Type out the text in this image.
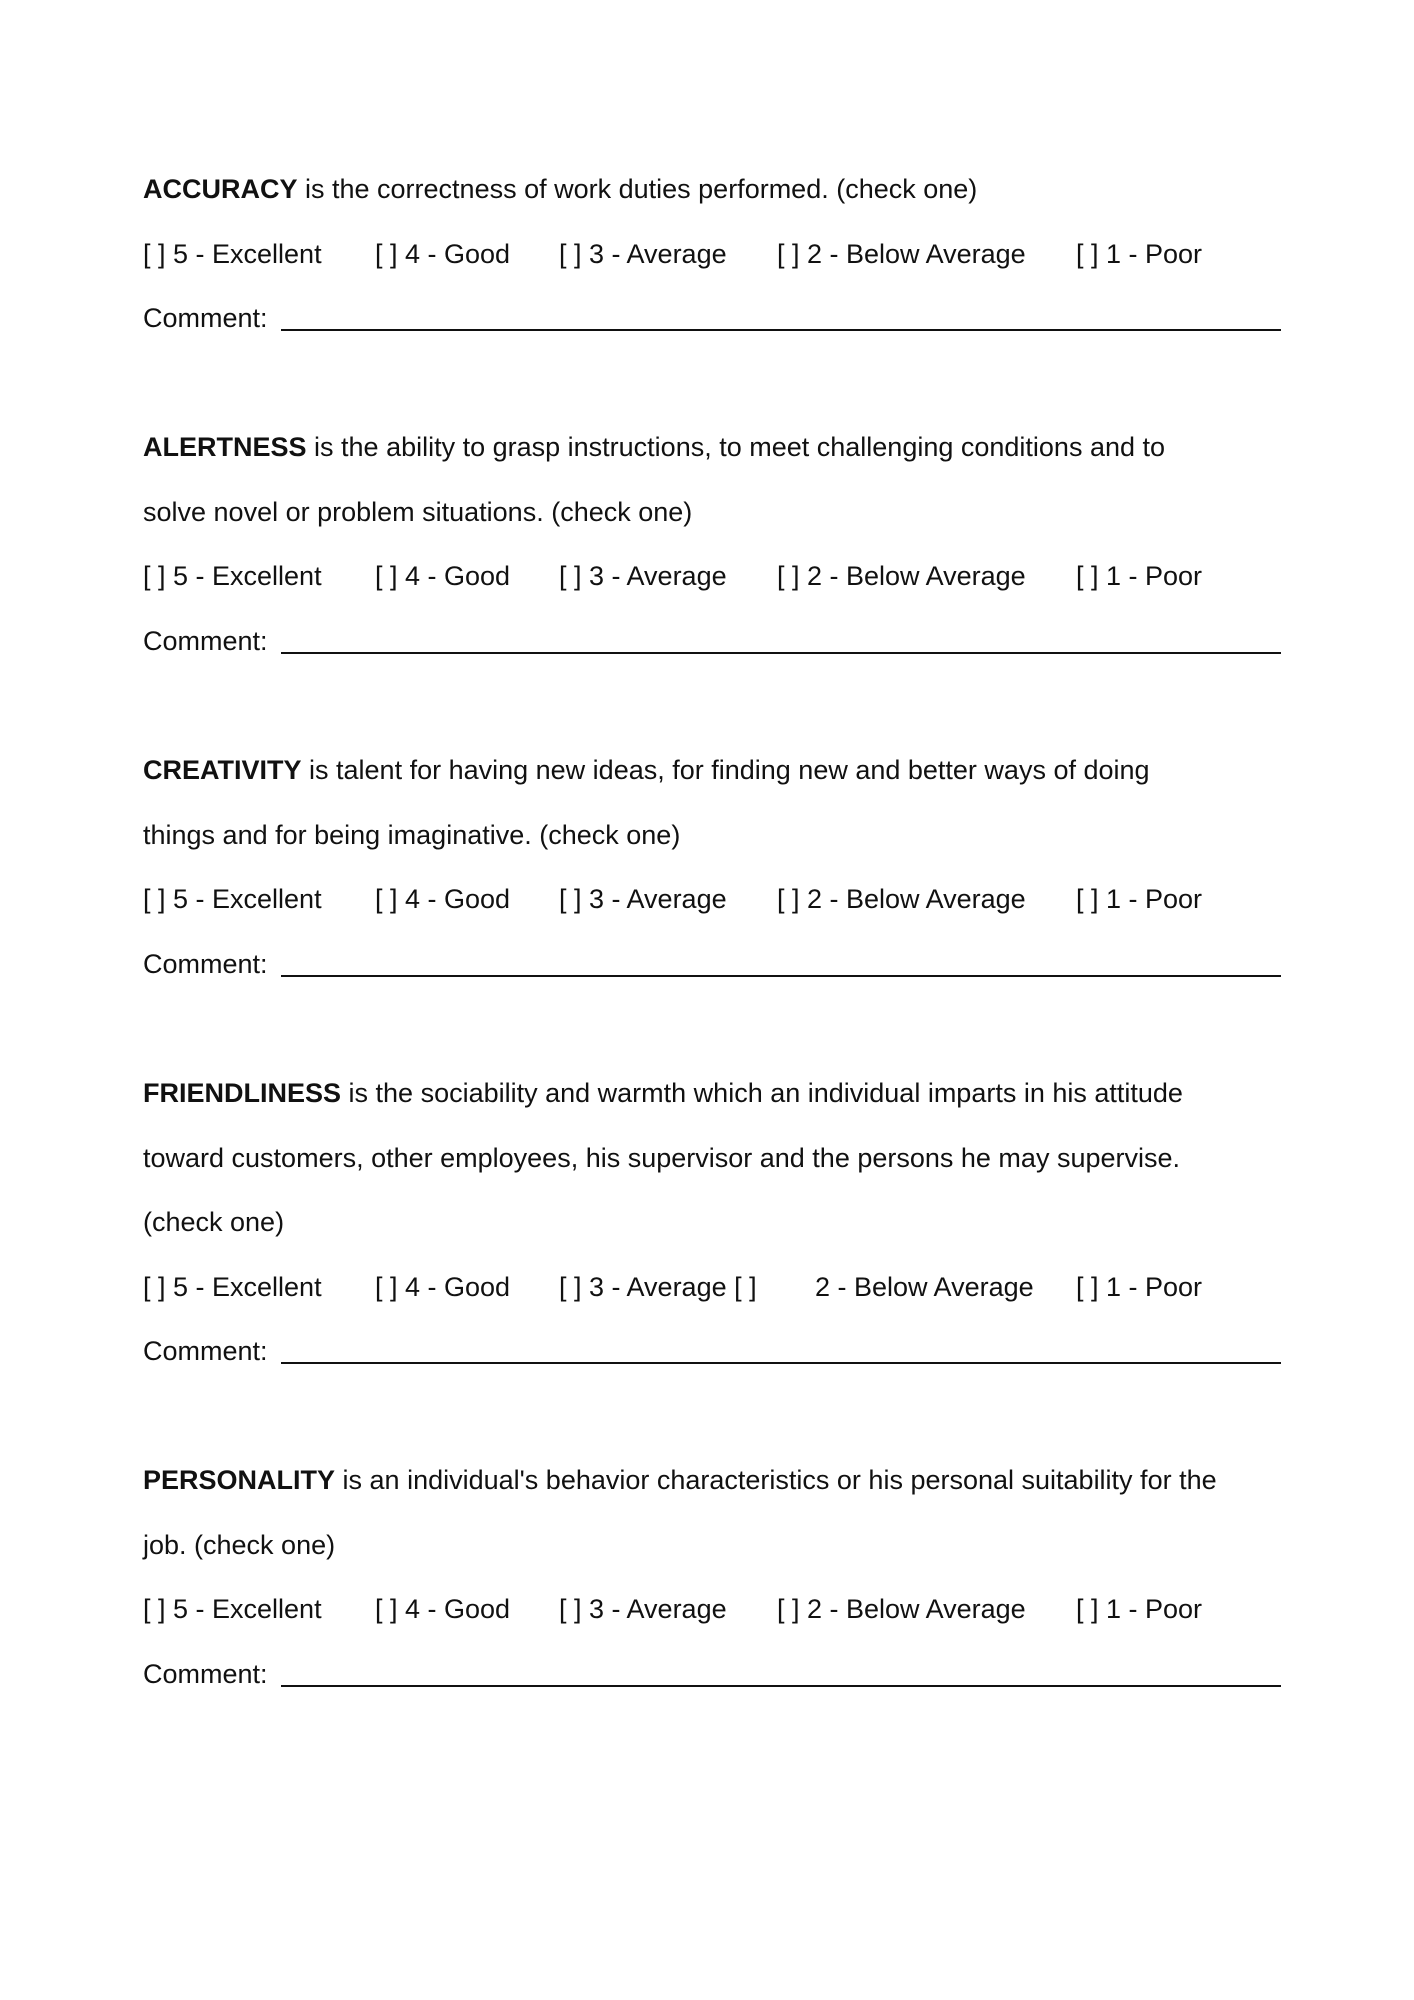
ACCURACY is the correctness of work duties performed. (check one)
[ ] 5 - Excellent [ ] 4 - Good [ ] 3 - Average [ ] 2 - Below Average [ ] 1 - Poor
Comment:
ALERTNESS is the ability to grasp instructions, to meet challenging conditions and to
solve novel or problem situations. (check one)
[ ] 5 - Excellent [ ] 4 - Good [ ] 3 - Average [ ] 2 - Below Average [ ] 1 - Poor
Comment:
CREATIVITY is talent for having new ideas, for finding new and better ways of doing
things and for being imaginative. (check one)
[ ] 5 - Excellent [ ] 4 - Good [ ] 3 - Average [ ] 2 - Below Average [ ] 1 - Poor
Comment:
FRIENDLINESS is the sociability and warmth which an individual imparts in his attitude
toward customers, other employees, his supervisor and the persons he may supervise.
(check one)
[ ] 5 - Excellent [ ] 4 - Good [ ] 3 - Average [ ] 2 - Below Average [ ] 1 - Poor
Comment:
PERSONALITY is an individual's behavior characteristics or his personal suitability for the
job. (check one)
[ ] 5 - Excellent [ ] 4 - Good [ ] 3 - Average [ ] 2 - Below Average [ ] 1 - Poor
Comment:
